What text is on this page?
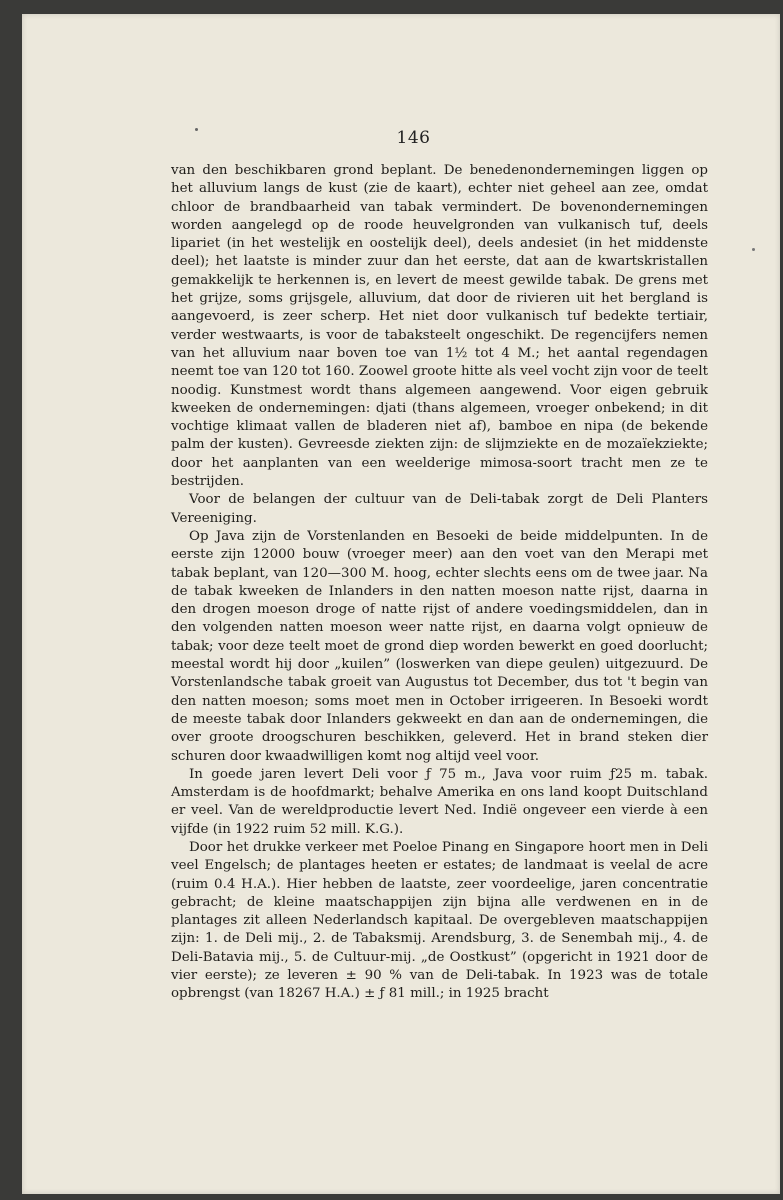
146
van den beschikbaren grond beplant. De benedenondernemingen liggen op het alluvium langs de kust (zie de kaart), echter niet geheel aan zee, omdat chloor de brandbaarheid van tabak vermindert. De bovenondernemingen worden aangelegd op de roode heuvelgronden van vulkanisch tuf, deels lipariet (in het westelijk en oostelijk deel), deels andesiet (in het middenste deel); het laatste is minder zuur dan het eerste, dat aan de kwartskristallen gemakkelijk te herkennen is, en levert de meest gewilde tabak. De grens met het grijze, soms grijsgele, alluvium, dat door de rivieren uit het bergland is aangevoerd, is zeer scherp. Het niet door vulkanisch tuf bedekte tertiair, verder westwaarts, is voor de tabaksteelt ongeschikt. De regencijfers nemen van het alluvium naar boven toe van 1½ tot 4 M.; het aantal regendagen neemt toe van 120 tot 160. Zoowel groote hitte als veel vocht zijn voor de teelt noodig. Kunstmest wordt thans algemeen aangewend. Voor eigen gebruik kweeken de ondernemingen: djati (thans algemeen, vroeger onbekend; in dit vochtige klimaat vallen de bladeren niet af), bamboe en nipa (de bekende palm der kusten). Gevreesde ziekten zijn: de slijmziekte en de mozaïekziekte; door het aanplanten van een weelderige mimosa-soort tracht men ze te bestrijden.
Voor de belangen der cultuur van de Deli-tabak zorgt de Deli Planters Vereeniging.
Op Java zijn de Vorstenlanden en Besoeki de beide middelpunten. In de eerste zijn 12000 bouw (vroeger meer) aan den voet van den Merapi met tabak beplant, van 120—300 M. hoog, echter slechts eens om de twee jaar. Na de tabak kweeken de Inlanders in den natten moeson natte rijst, daarna in den drogen moeson droge of natte rijst of andere voedingsmiddelen, dan in den volgenden natten moeson weer natte rijst, en daarna volgt opnieuw de tabak; voor deze teelt moet de grond diep worden bewerkt en goed doorlucht; meestal wordt hij door „kuilen” (loswerken van diepe geulen) uitgezuurd. De Vorstenlandsche tabak groeit van Augustus tot December, dus tot 't begin van den natten moeson; soms moet men in October irrigeeren. In Besoeki wordt de meeste tabak door Inlanders gekweekt en dan aan de ondernemingen, die over groote droogschuren beschikken, geleverd. Het in brand steken dier schuren door kwaadwilligen komt nog altijd veel voor.
In goede jaren levert Deli voor ƒ 75 m., Java voor ruim ƒ25 m. tabak. Amsterdam is de hoofdmarkt; behalve Amerika en ons land koopt Duitschland er veel. Van de wereldproductie levert Ned. Indië ongeveer een vierde à een vijfde (in 1922 ruim 52 mill. K.G.).
Door het drukke verkeer met Poeloe Pinang en Singapore hoort men in Deli veel Engelsch; de plantages heeten er estates; de landmaat is veelal de acre (ruim 0.4 H.A.). Hier hebben de laatste, zeer voordeelige, jaren concentratie gebracht; de kleine maatschappijen zijn bijna alle verdwenen en in de plantages zit alleen Nederlandsch kapitaal. De overgebleven maatschappijen zijn: 1. de Deli mij., 2. de Tabaksmij. Arendsburg, 3. de Senembah mij., 4. de Deli-Batavia mij., 5. de Cultuur-mij. „de Oostkust” (opgericht in 1921 door de vier eerste); ze leveren ± 90 % van de Deli-tabak. In 1923 was de totale opbrengst (van 18267 H.A.) ± ƒ 81 mill.; in 1925 bracht
